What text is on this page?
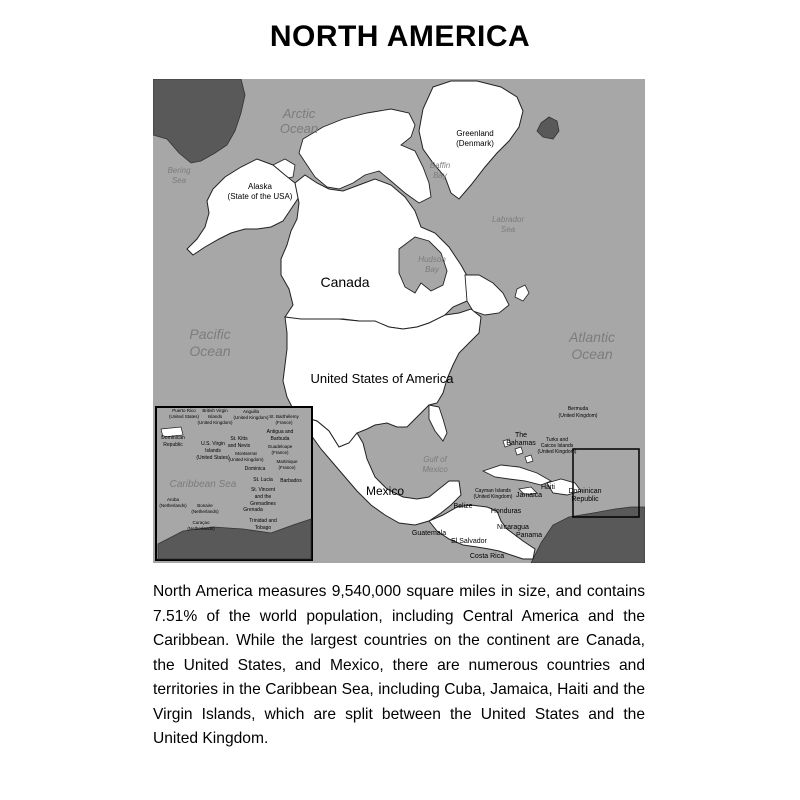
NORTH AMERICA
Arctic
Ocean
Pacific
Ocean
Atlantic
Ocean
Bering
Sea
Baffin
Bay
Labrador
Sea
Hudson
Bay
Gulf of
Mexico
Greenland
(Denmark)
Alaska
(State of the USA)
Canada
United States of America
Mexico
Bermuda
(United Kingdom)
The
Bahamas Turks and
Caicos Islands
(United Kingdom)
Cayman Islands
(United Kingdom) Jamaica
Haiti
Dominican
Republic
Belize
Honduras
Nicaragua
Guatemala
El Salvador
Panama
Costa Rica
Puerto Rico
(United States)
British Virgin
Islands
(United Kingdom)
Anguilla
(United Kingdom) St. Barthélemy
(France)
Dominican
Republic	U.S. Virgin
Islands
(United States)
St. Kitts
and Nevis
Antigua and
Barbuda
Guadeloupe
(France)
Montserrat
(United Kingdom)
Dominica
Martinique
(France)
St. Lucia Barbados
St. Vincent
and the
Grenadines
Caribbean Sea
Aruba
(Netherlands) Bonaire
(Netherlands)
Curaçao
(Netherlands)
Grenada
Trinidad and
Tobago
North America measures 9,540,000 square miles in size, and contains 7.51% of the world population, including Central America and the Caribbean. While the largest countries on the continent are Canada, the United States, and Mexico, there are numerous countries and territories in the Caribbean Sea, including Cuba, Jamaica, Haiti and the Virgin Islands, which are split between the United States and the United Kingdom.
